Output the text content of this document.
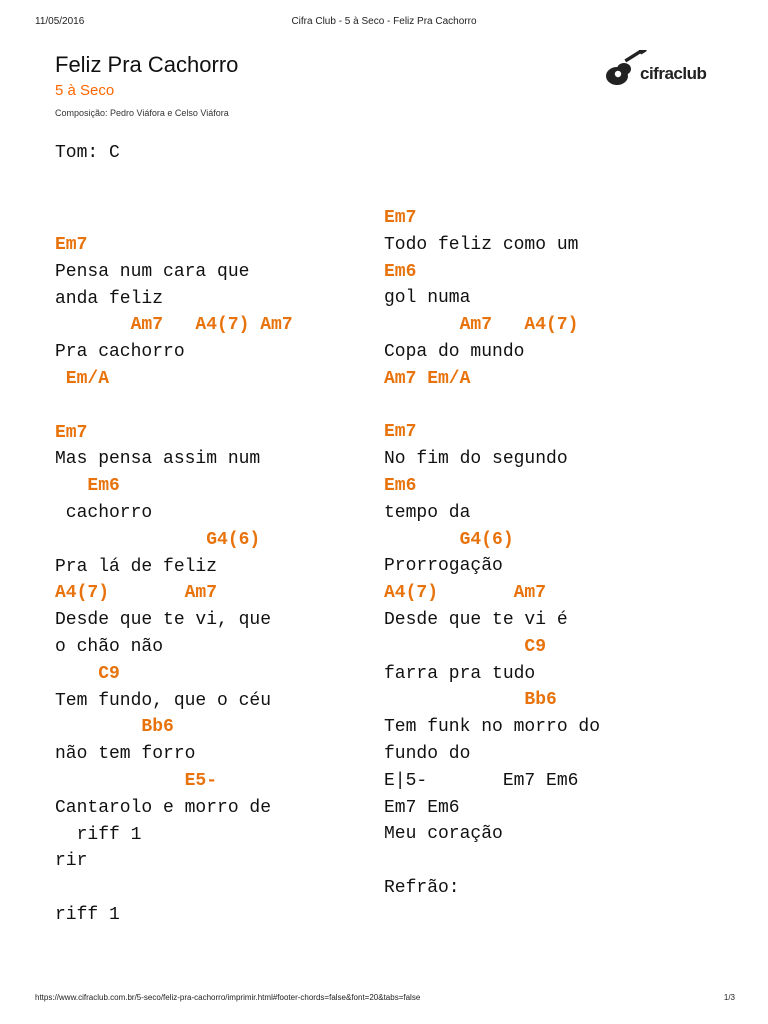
11/05/2016	Cifra Club - 5 à Seco - Feliz Pra Cachorro
Feliz Pra Cachorro
5 à Seco
Composição: Pedro Viáfora e Celso Viáfora
cifraclub
Tom: C
Em7
Pensa num cara que
anda feliz
Am7   A4(7) Am7
Pra cachorro
Em/A
Em7
Mas pensa assim num
Em6
cachorro
G4(6)
Pra lá de feliz
A4(7)       Am7
Desde que te vi, que
o chão não
C9
Tem fundo, que o céu
Bb6
não tem forro
E5-
Cantarolo e morro de
riff 1
rir
riff 1
Em7
Todo feliz como um
Em6
gol numa
Am7   A4(7)
Copa do mundo
Am7 Em/A
Em7
No fim do segundo
Em6
tempo da
G4(6)
Prorrogação
A4(7)       Am7
Desde que te vi é
C9
farra pra tudo
Bb6
Tem funk no morro do
fundo do
E|5-       Em7 Em6
Em7 Em6
Meu coração
Refrão:
https://www.cifraclub.com.br/5-seco/feliz-pra-cachorro/imprimir.html#footer-chords=false&font=20&tabs=false	1/3
